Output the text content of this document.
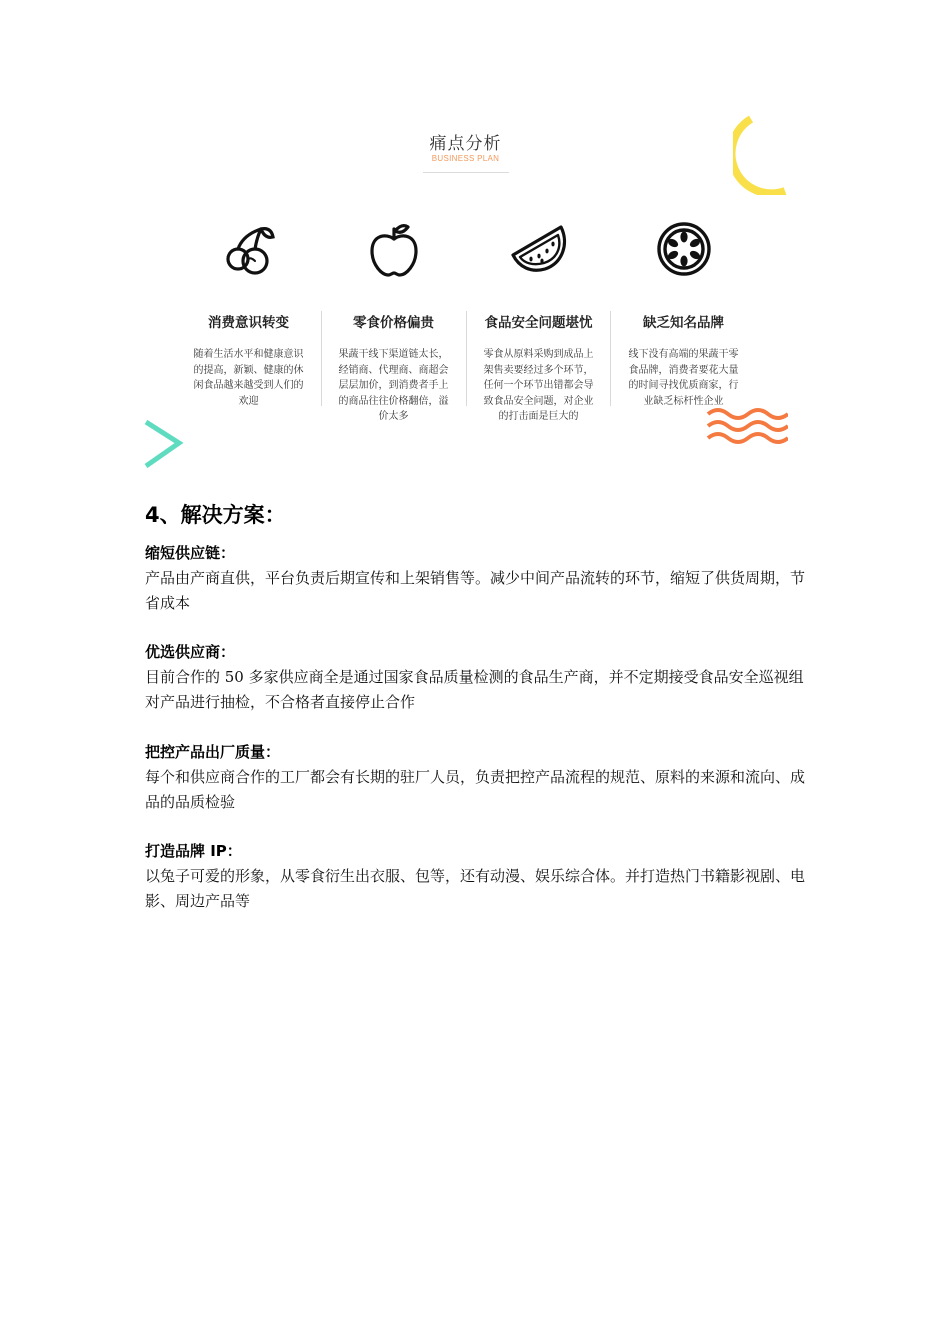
痛点分析
BUSINESS PLAN
消费意识转变
随着生活水平和健康意识的提高，新颖、健康的休闲食品越来越受到人们的欢迎
零食价格偏贵
果蔬干线下渠道链太长，经销商、代理商、商超会层层加价，到消费者手上的商品往往价格翻倍，溢价太多
食品安全问题堪忧
零食从原料采购到成品上架售卖要经过多个环节，任何一个环节出错都会导致食品安全问题，对企业的打击面是巨大的
缺乏知名品牌
线下没有高端的果蔬干零食品牌，消费者要花大量的时间寻找优质商家，行业缺乏标杆性企业
4、解决方案：
缩短供应链：
产品由产商直供，平台负责后期宣传和上架销售等。减少中间产品流转的环节，缩短了供货周期，节省成本
优选供应商：
目前合作的 50 多家供应商全是通过国家食品质量检测的食品生产商，并不定期接受食品安全巡视组对产品进行抽检，不合格者直接停止合作
把控产品出厂质量：
每个和供应商合作的工厂都会有长期的驻厂人员，负责把控产品流程的规范、原料的来源和流向、成品的品质检验
打造品牌 IP：
以兔子可爱的形象，从零食衍生出衣服、包等，还有动漫、娱乐综合体。并打造热门书籍影视剧、电影、周边产品等
